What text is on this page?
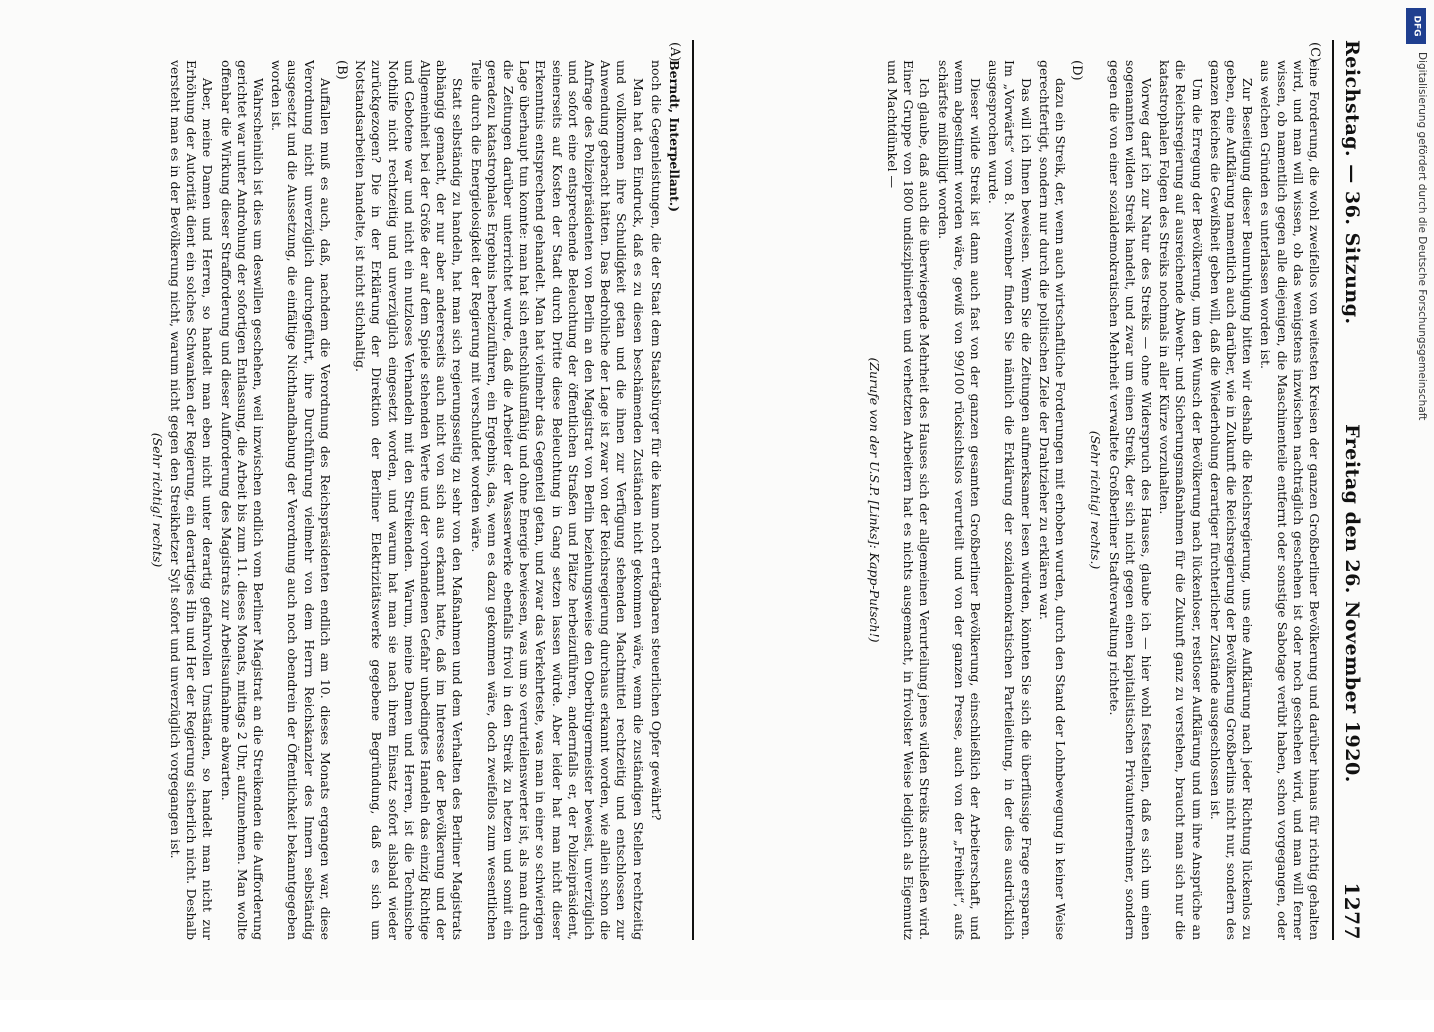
Reichstag. — 36. Sitzung.
Freitag den 26. November 1920.
1277
(C)

eine Forderung, die wohl zweifellos von weitesten Kreisen der ganzen Großberliner Bevölkerung und darüber hinaus für richtig gehalten wird, und man will wissen, ob das wenigstens inzwischen nachträglich geschehen ist oder noch geschehen wird, und man will ferner wissen, ob namentlich gegen alle diejenigen, die Maschinenteile entfernt oder sonstige Sabotage verübt haben, schon vorgegangen, oder aus welchen Gründen es unterlassen worden ist.

Zur Beseitigung dieser Beunruhigung bitten wir deshalb die Reichsregierung, uns eine Aufklärung nach jeder Richtung lückenlos zu geben, eine Aufklärung namentlich auch darüber, wie in Zukunft die Reichsregierung der Bevölkerung Großberlins nicht nur, sondern des ganzen Reiches die Gewißheit geben will, daß die Wiederholung derartiger fürchterlicher Zustände ausgeschlossen ist.

Um die Erregung der Bevölkerung, um den Wunsch der Bevölkerung nach lückenloser, restloser Aufklärung und um ihre Ansprüche an die Reichsregierung auf ausreichende Abwehr- und Sicherungsmaßnahmen für die Zukunft ganz zu verstehen, braucht man sich nur die katastrophalen Folgen des Streiks nochmals in aller Kürze vorzuhalten.

Vorweg darf ich zur Natur des Streiks — ohne Widerspruch des Hauses, glaube ich — hier wohl feststellen, daß es sich um einen sogenannten wilden Streik handelt, und zwar um einen Streik, der sich nicht gegen einen kapitalistischen Privatunternehmer, sondern gegen die von einer sozialdemokratischen Mehrheit verwaltete Großberliner Stadtverwaltung richtete.

(Sehr richtig! rechts.)

(D)

dazu ein Streik, der, wenn auch wirtschaftliche Forderungen mit erhoben wurden, durch den Stand der Lohnbewegung in keiner Weise gerechtfertigt, sondern nur durch die politischen Ziele der Drahtzieher zu erklären war.

Das will ich Ihnen beweisen. Wenn Sie die Zeitungen aufmerksamer lesen würden, könnten Sie sich die überflüssige Frage ersparen. Im „Vorwärts“ vom 8. November finden Sie nämlich die Erklärung der sozialdemokratischen Parteileitung, in der dies ausdrücklich ausgesprochen wurde.

Dieser wilde Streik ist dann auch fast von der ganzen gesamten Großberliner Bevölkerung, einschließlich der Arbeiterschaft, und wenn abgestimmt worden wäre, gewiß von 99/100 rücksichtslos verurteilt und von der ganzen Presse, auch von der „Freiheit“, aufs schärfste mißbilligt worden.

Ich glaube, daß auch die überwiegende Mehrheit des Hauses sich der allgemeinen Verurteilung jenes wilden Streiks anschließen wird. Einer Gruppe von 1800 undisziplinierten und verhetzten Arbeitern hat es nichts ausgemacht, in frivolster Weise lediglich als Eigennutz und Machtdünkel —

(Zurufe von der U.S.P. [Links]: Kapp-Putsch!)

(A)

Berndt, Interpellant.)

noch die Gegenleistungen, die der Staat dem Staatsbürger für die kaum noch erträgbaren steuerlichen Opfer gewährt?

Man hat den Eindruck, daß es zu diesen beschämenden Zuständen nicht gekommen wäre, wenn die zuständigen Stellen rechtzeitig und vollkommen ihre Schuldigkeit getan und die ihnen zur Verfügung stehenden Machtmittel rechtzeitig und entschlossen zur Anwendung gebracht hätten. Das Bedrohliche der Lage ist zwar von der Reichsregierung durchaus erkannt worden, wie allein schon die Anfrage des Polizeipräsidenten von Berlin an den Magistrat von Berlin beziehungsweise den Oberbürgermeister beweist, unverzüglich und sofort eine entsprechende Beleuchtung der öffentlichen Straßen und Plätze herbeizuführen, andernfalls er, der Polizeipräsident, seinerseits auf Kosten der Stadt durch Dritte diese Beleuchtung in Gang setzen lassen würde. Aber leider hat man nicht dieser Erkenntnis entsprechend gehandelt. Man hat vielmehr das Gegenteil getan, und zwar das Verkehrteste, was man in einer so schwierigen Lage überhaupt tun konnte: man hat sich entschlußunfähig und ohne Energie bewiesen, was um so verurteilenswerter ist, als man durch die Zeitungen darüber unterrichtet wurde, daß die Arbeiter der Wasserwerke ebenfalls frivol in den Streik zu hetzen und somit ein geradezu katastrophales Ergebnis herbeizuführen, ein Ergebnis, das, wenn es dazu gekommen wäre, doch zweifellos zum wesentlichen Teile durch die Energielosigkeit der Regierung mit verschuldet worden wäre.

Statt selbständig zu handeln, hat man sich regierungsseitig zu sehr von den Maßnahmen und dem Verhalten des Berliner Magistrats abhängig gemacht, der nur aber andererseits auch nicht von sich aus erkannt hatte, daß im Interesse der Bevölkerung und der Allgemeinheit bei der Größe der auf dem Spiele stehenden Werte und der vorhandenen Gefahr unbedingtes Handeln das einzig Richtige und Gebotene war und nicht ein nutzloses Verhandeln mit den Streikenden. Warum, meine Damen und Herren, ist die Technische Nothilfe nicht rechtzeitig und unverzüglich eingesetzt worden, und warum hat man sie nach ihrem Einsatz sofort alsbald wieder zurückgezogen? Die in der Erklärung der Direktion der Berliner Elektrizitätswerke gegebene Begründung, daß es sich um Notstandsarbeiten handelte, ist nicht stichhaltig.

(B)

Auffallen muß es auch, daß, nachdem die Verordnung des Reichspräsidenten endlich am 10. dieses Monats ergangen war, diese Verordnung nicht unverzüglich durchgeführt, ihre Durchführung vielmehr von dem Herrn Reichskanzler des Innern selbständig ausgesetzt und die Aussetzung, die einfältige Nichthandhabung der Verordnung auch noch obendrein der Öffentlichkeit bekanntgegeben worden ist.

Wahrscheinlich ist dies um deswillen geschehen, weil inzwischen endlich vom Berliner Magistrat an die Streikenden die Aufforderung gerichtet war unter Androhung der sofortigen Entlassung, die Arbeit bis zum 11. dieses Monats, mittags 2 Uhr, aufzunehmen. Man wollte offenbar die Wirkung dieser Strafforderung und dieser Aufforderung des Magistrats zur Arbeitsaufnahme abwarten.

Aber, meine Damen und Herren, so handelt man eben nicht unter derartig gefahrvollen Umständen, so handelt man nicht zur Erhöhung der Autorität dient ein solches Schwanken der Regierung, ein derartiges Hin und Her der Regierung sicherlich nicht. Deshalb versteht man es in der Bevölkerung nicht, warum nicht gegen den Streikhetzer Sylt sofort und unverzüglich vorgegangen ist.

(Sehr richtig! rechts)

DFG
Digitalisierung gefördert durch die Deutsche Forschungsgemeinschaft
